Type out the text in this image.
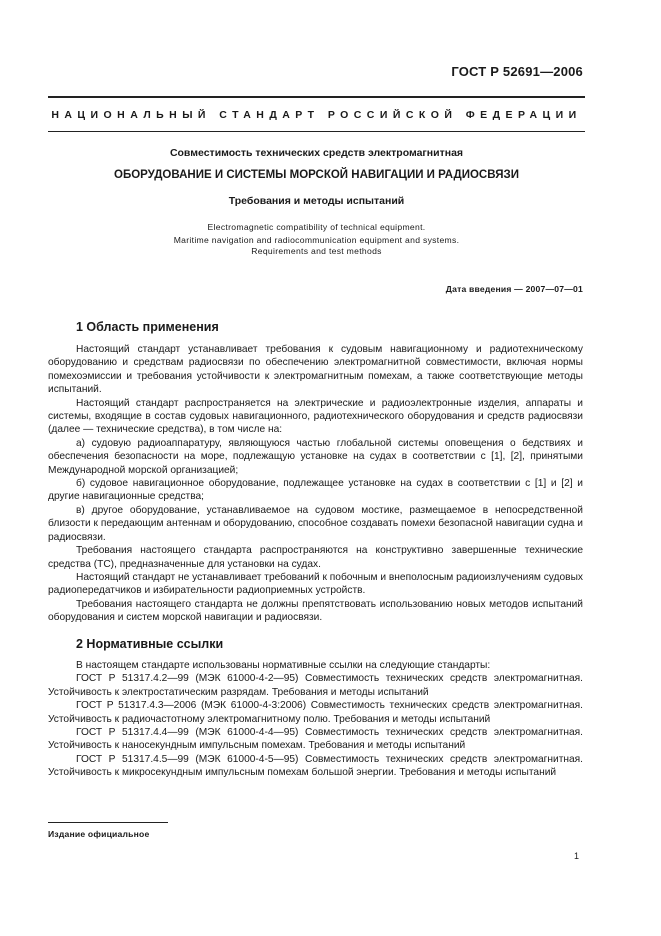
ГОСТ Р 52691—2006
НАЦИОНАЛЬНЫЙ СТАНДАРТ РОССИЙСКОЙ ФЕДЕРАЦИИ
Совместимость технических средств электромагнитная
ОБОРУДОВАНИЕ И СИСТЕМЫ МОРСКОЙ НАВИГАЦИИ И РАДИОСВЯЗИ
Требования и методы испытаний
Electromagnetic compatibility of technical equipment.
Maritime navigation and radiocommunication equipment and systems.
Requirements and test methods
Дата введения — 2007—07—01
1 Область применения

Настоящий стандарт устанавливает требования к судовым навигационному и радиотехническому оборудованию и средствам радиосвязи по обеспечению электромагнитной совместимости, включая нормы помехоэмиссии и требования устойчивости к электромагнитным помехам, а также соответствующие методы испытаний.

Настоящий стандарт распространяется на электрические и радиоэлектронные изделия, аппараты и системы, входящие в состав судовых навигационного, радиотехнического оборудования и средств радиосвязи (далее — технические средства), в том числе на:

а) судовую радиоаппаратуру, являющуюся частью глобальной системы оповещения о бедствиях и обеспечения безопасности на море, подлежащую установке на судах в соответствии с [1], [2], принятыми Международной морской организацией;

б) судовое навигационное оборудование, подлежащее установке на судах в соответствии с [1] и [2] и другие навигационные средства;

в) другое оборудование, устанавливаемое на судовом мостике, размещаемое в непосредственной близости к передающим антеннам и оборудованию, способное создавать помехи безопасной навигации судна и радиосвязи.

Требования настоящего стандарта распространяются на конструктивно завершенные технические средства (ТС), предназначенные для установки на судах.

Настоящий стандарт не устанавливает требований к побочным и внеполосным радиоизлучениям судовых радиопередатчиков и избирательности радиоприемных устройств.

Требования настоящего стандарта не должны препятствовать использованию новых методов испытаний оборудования и систем морской навигации и радиосвязи.

2 Нормативные ссылки

В настоящем стандарте использованы нормативные ссылки на следующие стандарты:

ГОСТ Р 51317.4.2—99 (МЭК 61000-4-2—95) Совместимость технических средств электромагнитная. Устойчивость к электростатическим разрядам. Требования и методы испытаний

ГОСТ Р 51317.4.3—2006 (МЭК 61000-4-3:2006) Совместимость технических средств электромагнитная. Устойчивость к радиочастотному электромагнитному полю. Требования и методы испытаний

ГОСТ Р 51317.4.4—99 (МЭК 61000-4-4—95) Совместимость технических средств электромагнитная. Устойчивость к наносекундным импульсным помехам. Требования и методы испытаний

ГОСТ Р 51317.4.5—99 (МЭК 61000-4-5—95) Совместимость технических средств электромагнитная. Устойчивость к микросекундным импульсным помехам большой энергии. Требования и методы испытаний

Издание официальное
1
